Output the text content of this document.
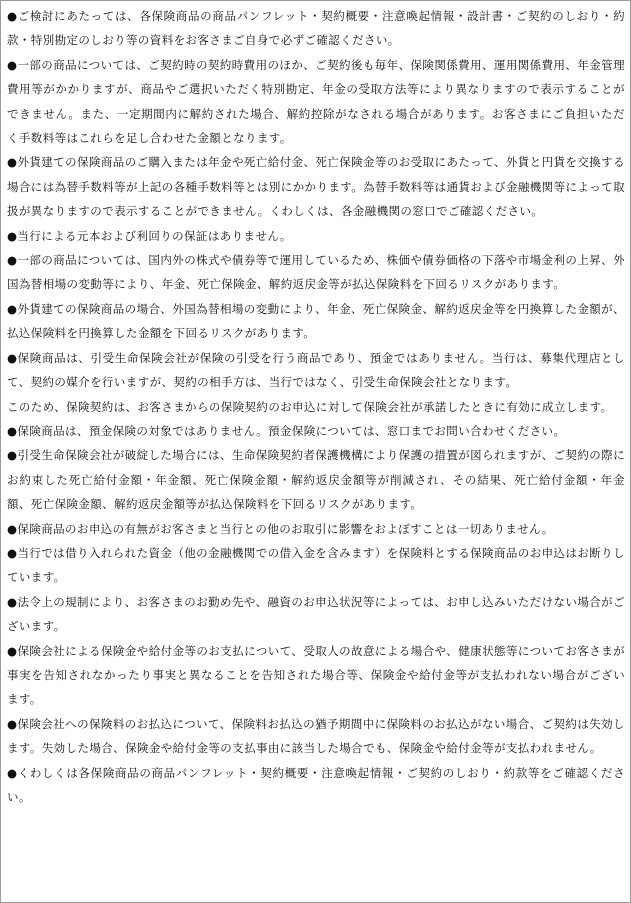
●ご検討にあたっては、各保険商品の商品パンフレット・契約概要・注意喚起情報・設計書・ご契約のしおり・約款・特別勘定のしおり等の資料をお客さまご自身で必ずご確認ください。

●一部の商品については、ご契約時の契約時費用のほか、ご契約後も毎年、保険関係費用、運用関係費用、年金管理費用等がかかりますが、商品やご選択いただく特別勘定、年金の受取方法等により異なりますので表示することができません。また、一定期間内に解約された場合、解約控除がなされる場合があります。お客さまにご負担いただく手数料等はこれらを足し合わせた金額となります。

●外貨建ての保険商品のご購入または年金や死亡給付金、死亡保険金等のお受取にあたって、外貨と円貨を交換する場合には為替手数料等が上記の各種手数料等とは別にかかります。為替手数料等は通貨および金融機関等によって取扱が異なりますので表示することができません。くわしくは、各金融機関の窓口でご確認ください。

●当行による元本および利回りの保証はありません。

●一部の商品については、国内外の株式や債券等で運用しているため、株価や債券価格の下落や市場金利の上昇、外国為替相場の変動等により、年金、死亡保険金、解約返戻金等が払込保険料を下回るリスクがあります。

●外貨建ての保険商品の場合、外国為替相場の変動により、年金、死亡保険金、解約返戻金等を円換算した金額が、払込保険料を円換算した金額を下回るリスクがあります。

●保険商品は、引受生命保険会社が保険の引受を行う商品であり、預金ではありません。当行は、募集代理店として、契約の媒介を行いますが、契約の相手方は、当行ではなく、引受生命保険会社となります。

このため、保険契約は、お客さまからの保険契約のお申込に対して保険会社が承諾したときに有効に成立します。

●保険商品は、預金保険の対象ではありません。預金保険については、窓口までお問い合わせください。

●引受生命保険会社が破綻した場合には、生命保険契約者保護機構により保護の措置が図られますが、ご契約の際にお約束した死亡給付金額・年金額、死亡保険金額・解約返戻金額等が削減され、その結果、死亡給付金額・年金額、死亡保険金額、解約返戻金額等が払込保険料を下回るリスクがあります。

●保険商品のお申込の有無がお客さまと当行との他のお取引に影響をおよぼすことは一切ありません。

●当行では借り入れられた資金（他の金融機関での借入金を含みます）を保険料とする保険商品のお申込はお断りしています。

●法令上の規制により、お客さまのお勤め先や、融資のお申込状況等によっては、お申し込みいただけない場合がございます。

●保険会社による保険金や給付金等のお支払について、受取人の故意による場合や、健康状態等についてお客さまが事実を告知されなかったり事実と異なることを告知された場合等、保険金や給付金等が支払われない場合がございます。

●保険会社への保険料のお払込について、保険料お払込の猶予期間中に保険料のお払込がない場合、ご契約は失効します。失効した場合、保険金や給付金等の支払事由に該当した場合でも、保険金や給付金等が支払われません。

●くわしくは各保険商品の商品パンフレット・契約概要・注意喚起情報・ご契約のしおり・約款等をご確認ください。
